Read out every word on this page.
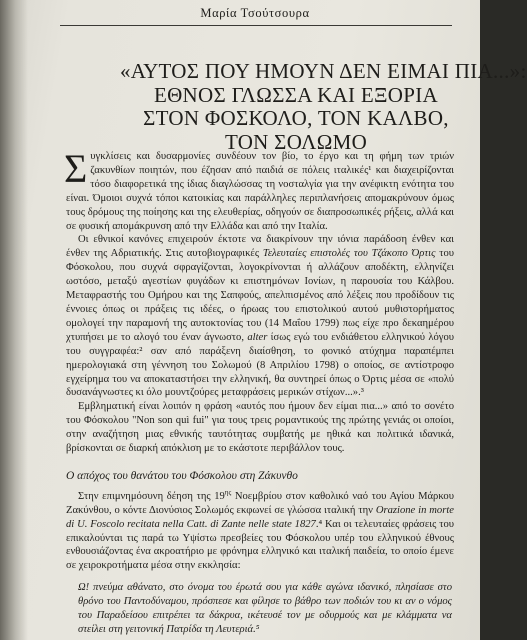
Μαρία Τσούτσουρα
«ΑΥΤΟΣ ΠΟΥ ΗΜΟΥΝ ΔΕΝ ΕΙΜΑΙ ΠΙΑ...»:
ΕΘΝΟΣ ΓΛΩΣΣΑ ΚΑΙ ΕΞΟΡΙΑ
ΣΤΟΝ ΦΟΣΚΟΛΟ, ΤΟΝ ΚΑΛΒΟ,
ΤΟΝ ΣΟΛΩΜΟ

Συγκλίσεις και δυσαρμονίες συνδέουν τον βίο, το έργο και τη φήμη των τριών ζακυνθίων ποιητών, που έζησαν από παιδιά σε πόλεις ιταλικές¹ και διαχειρίζονται τόσο διαφορετικά της ίδιας διαγλώσσας τη νοσταλγία για την ανέφικτη ενότητα του είναι. Όμοιοι συχνά τόποι κατοικίας και παράλληλες περιπλανήσεις απομακρύνουν όμως τους δρόμους της ποίησης και της ελευθερίας, οδηγούν σε διαπροσωπικές ρήξεις, αλλά και σε φυσική απομάκρυνση από την Ελλάδα και από την Ιταλία.

Οι εθνικοί κανόνες επιχειρούν έκτοτε να διακρίνουν την ιόνια παράδοση ένθεν και ένθεν της Αδριατικής. Στις αυτοβιογραφικές Τελευταίες επιστολές του Τζάκοπο Όρτις του Φόσκολου, που συχνά σφραγίζονται, λογοκρίνονται ή αλλάζουν αποδέκτη, ελληνίζει ωστόσο, μεταξύ αγεστίων φυγάδων κι επιστημόνων Ιονίων, η παρουσία του Κάλβου. Μεταφραστής του Ομήρου και της Σαπφούς, απελπισμένος από λέξεις που προδίδουν τις έννοιες όπως οι πράξεις τις ιδέες, ο ήρωας του επιστολικού αυτού μυθιστορήματος ομολογεί την παραμονή της αυτοκτονίας του (14 Μαΐου 1799) πως είχε προ δεκαημέρου χτυπήσει με το αλογό του έναν άγνωστο, alter ίσως εγώ του ενδιάθετου ελληνικού λόγου του συγγραφέα:² σαν από παράξενη διαίσθηση, το φονικό ατύχημα παραπέμπει ημερολογιακά στη γέννηση του Σολωμού (8 Απριλίου 1798) ο οποίος, σε αντίστροφο εγχείρημα του να αποκαταστήσει την ελληνική, θα συντηρεί όπως ο Όρτις μέσα σε «πολύ δυσανάγνωστες κι όλο μουντζούρες μεταφράσεις μερικών στίχων...».³

Εμβληματική είναι λοιπόν η φράση «αυτός που ήμουν δεν είμαι πια...» από το σονέτο του Φόσκολου "Non son quì fui" για τους τρεις ρομαντικούς της πρώτης γενιάς οι οποίοι, στην αναζήτηση μιας εθνικής ταυτότητας συμβατής με ηθικά και πολιτικά ιδανικά, βρίσκονται σε διαρκή απόκλιση με το εκάστοτε περιβάλλον τους.

Ο απόχος του θανάτου του Φόσκολου στη Ζάκυνθο

Στην επιμνημόσυνη δέηση της $19^{\eta\varsigma}$ Νοεμβρίου στον καθολικό ναό του Αγίου Μάρκου Ζακύνθου, ο κόντε Διονύσιος Σολωμός εκφωνεί σε γλώσσα ιταλική την Orazione in morte di U. Foscolo recitata nella Catt. di Zante nelle state 1827.⁴ Και οι τελευταίες φράσεις του επικαλούνται τις παρά τω Υψίστω πρεσβείες του Φόσκολου υπέρ του ελληνικού έθνους ενθουσιάζοντας ένα ακροατήριο με φρόνημα ελληνικό και ιταλική παιδεία, το οποίο έμενε σε χειροκροτήματα μέσα στην εκκλησία:

Ω! πνεύμα αθάνατο, στο όνομα του έρωτά σου για κάθε αγώνα ιδανικό, πλησίασε στο θρόνο του Παντοδύναμου, πρόσπεσε και φίλησε το βάθρο των ποδιών του κι αν ο νόμος του Παραδείσου επιτρέπει τα δάκρυα, ικέτευσέ τον με οδυρμούς και με κλάμματα να στείλει στη γειτονική Πατρίδα τη Λευτεριά.⁵
